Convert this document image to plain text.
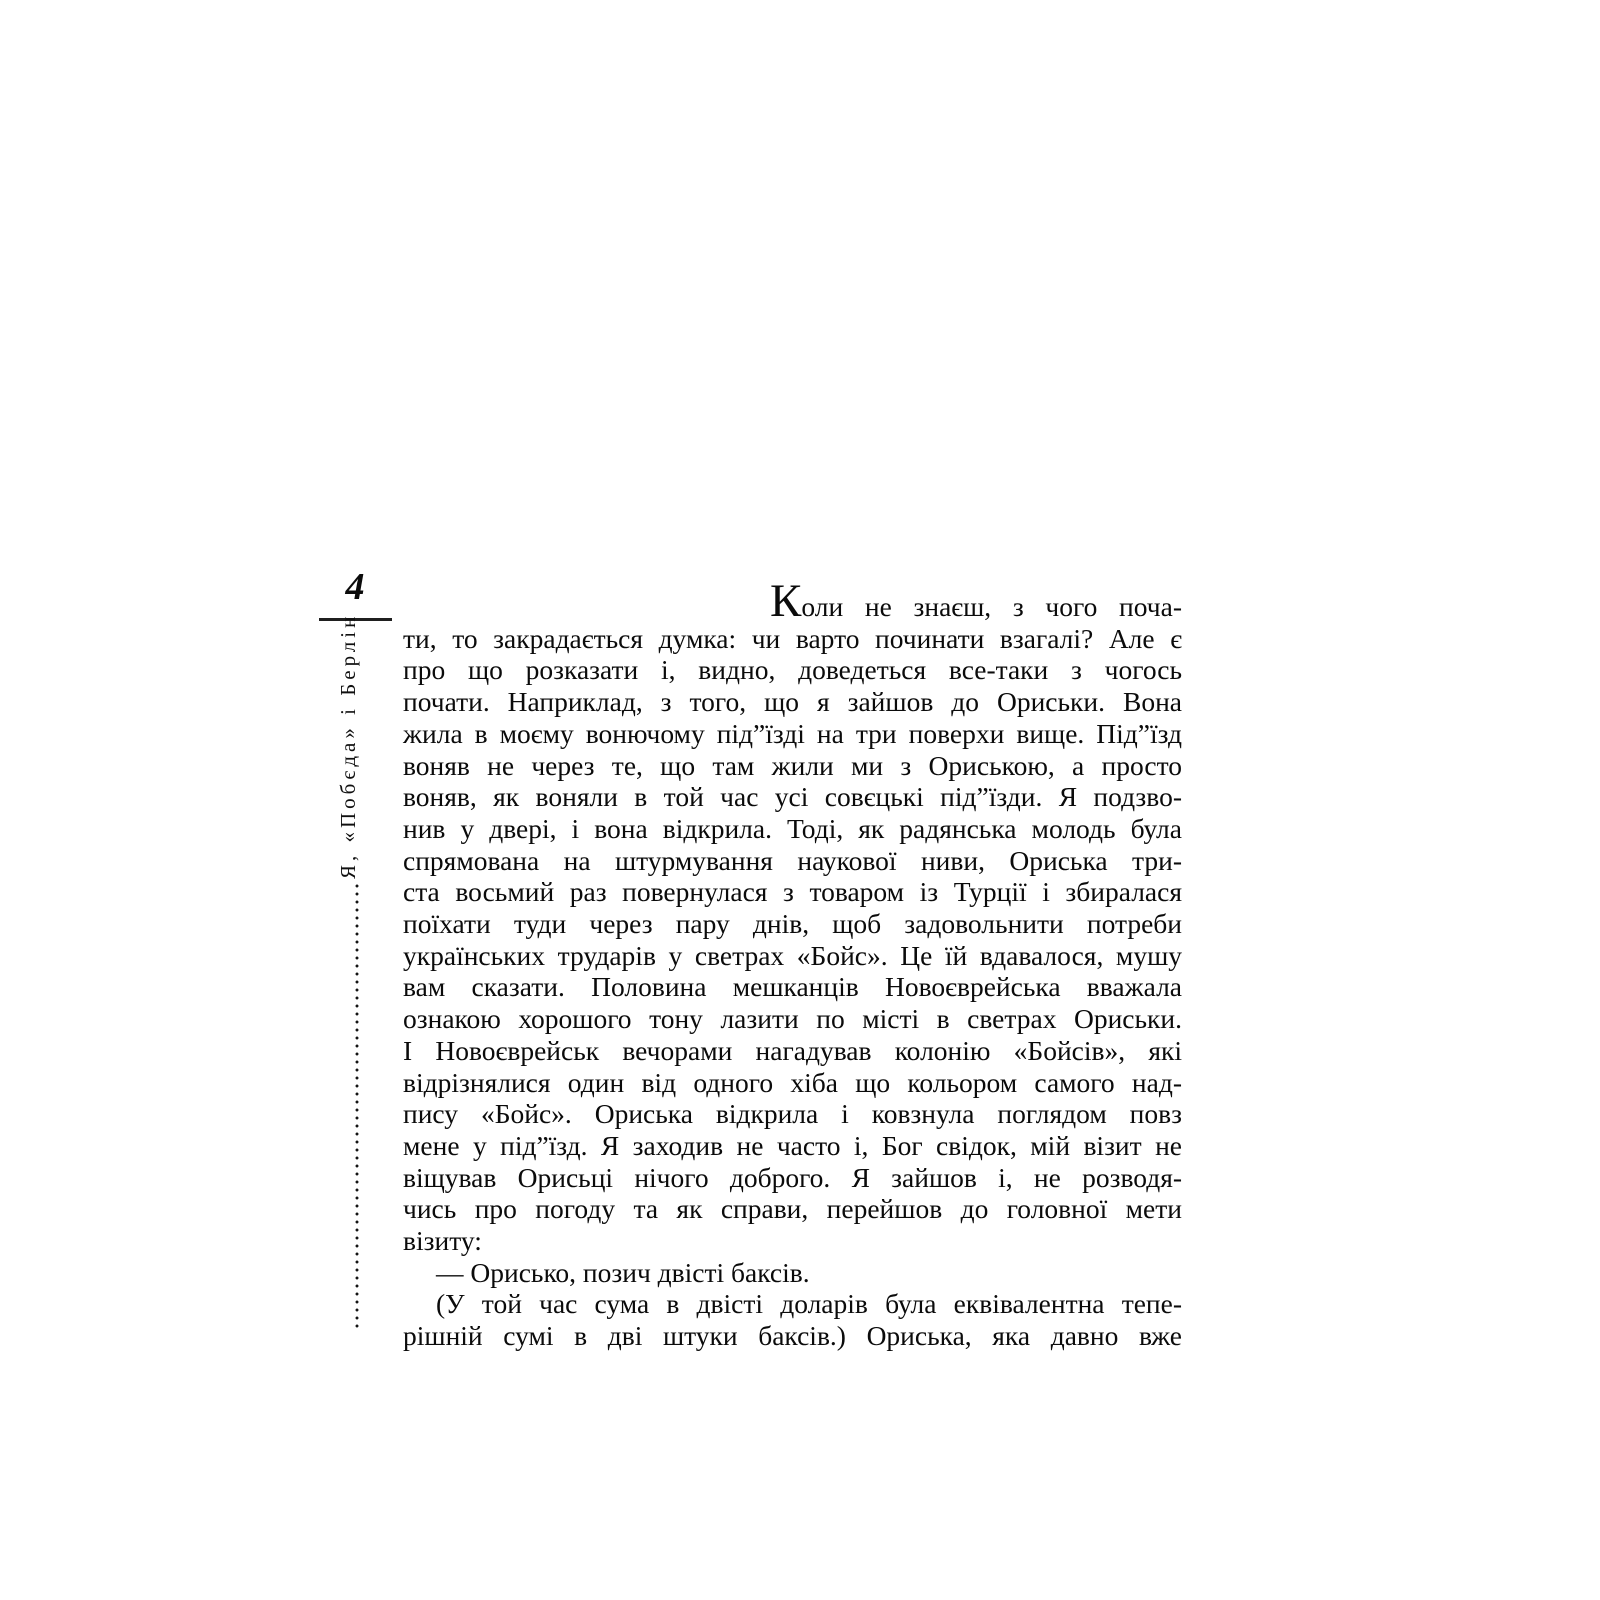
4
Я, «Побєда» і Берлін
Коли не знаєш, з чого поча-
ти, то закрадається думка: чи варто починати взагалі? Але є
про що розказати і, видно, доведеться все-таки з чогось
почати. Наприклад, з того, що я зайшов до Ориськи. Вона
жила в моєму вонючому під”їзді на три поверхи вище. Під”їзд
воняв не через те, що там жили ми з Ориською, а просто
воняв, як воняли в той час усі совєцькі під”їзди. Я подзво-
нив у двері, і вона відкрила. Тоді, як радянська молодь була
спрямована на штурмування наукової ниви, Ориська три-
ста восьмий раз повернулася з товаром із Турції і збиралася
поїхати туди через пару днів, щоб задовольнити потреби
українських трударів у светрах «Бойс». Це їй вдавалося, мушу
вам сказати. Половина мешканців Новоєврейська вважала
ознакою хорошого тону лазити по місті в светрах Ориськи.
І Новоєврейськ вечорами нагадував колонію «Бойсів», які
відрізнялися один від одного хіба що кольором самого над-
пису «Бойс». Ориська відкрила і ковзнула поглядом повз
мене у під”їзд. Я заходив не часто і, Бог свідок, мій візит не
віщував Орисьці нічого доброго. Я зайшов і, не розводя-
чись про погоду та як справи, перейшов до головної мети
візиту:
— Орисько, позич двісті баксів.
(У той час сума в двісті доларів була еквівалентна тепе-
рішній сумі в дві штуки баксів.) Ориська, яка давно вже
